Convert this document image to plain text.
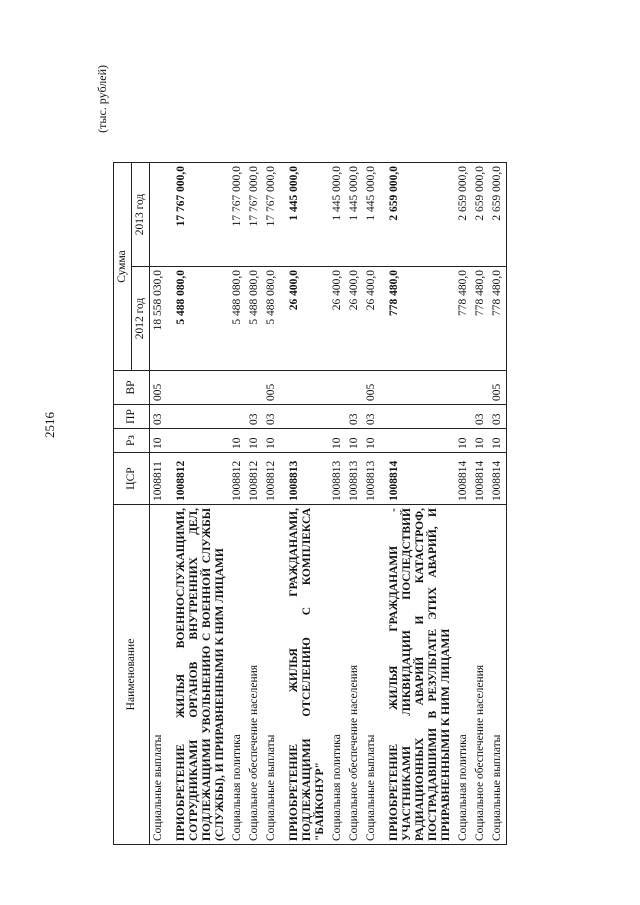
2516
(тыс. рублей)
Наименование	ЦСР	Рз	ПР	ВР	Сумма	
					2012 год	2013 год
Социальные выплаты	1008811	10	03	005	18 558 030,0	
ПРИОБРЕТЕНИЕ ЖИЛЬЯ ВОЕННОСЛУЖАЩИМИ, СОТРУДНИКАМИ ОРГАНОВ ВНУТРЕННИХ ДЕЛ, ПОДЛЕЖАЩИМИ УВОЛЬНЕНИЮ С ВОЕННОЙ СЛУЖБЫ (СЛУЖБЫ), И ПРИРАВНЕННЫМИ К НИМ ЛИЦАМИ	1008812				5 488 080,0	17 767 000,0
Социальная политика	1008812	10			5 488 080,0	17 767 000,0
Социальное обеспечение населения	1008812	10	03		5 488 080,0	17 767 000,0
Социальные выплаты	1008812	10	03	005	5 488 080,0	17 767 000,0
ПРИОБРЕТЕНИЕ ЖИЛЬЯ ГРАЖДАНАМИ, ПОДЛЕЖАЩИМИ ОТСЕЛЕНИЮ С КОМПЛЕКСА "БАЙКОНУР"	1008813				26 400,0	1 445 000,0
Социальная политика	1008813	10			26 400,0	1 445 000,0
Социальное обеспечение населения	1008813	10	03		26 400,0	1 445 000,0
Социальные выплаты	1008813	10	03	005	26 400,0	1 445 000,0
ПРИОБРЕТЕНИЕ ЖИЛЬЯ ГРАЖДАНАМИ - УЧАСТНИКАМИ ЛИКВИДАЦИИ ПОСЛЕДСТВИЙ РАДИАЦИОННЫХ АВАРИЙ И КАТАСТРОФ, ПОСТРАДАВШИМИ В РЕЗУЛЬТАТЕ ЭТИХ АВАРИЙ, И ПРИРАВНЕННЫМИ К НИМ ЛИЦАМИ	1008814				778 480,0	2 659 000,0
Социальная политика	1008814	10			778 480,0	2 659 000,0
Социальное обеспечение населения	1008814	10	03		778 480,0	2 659 000,0
Социальные выплаты	1008814	10	03	005	778 480,0	2 659 000,0
